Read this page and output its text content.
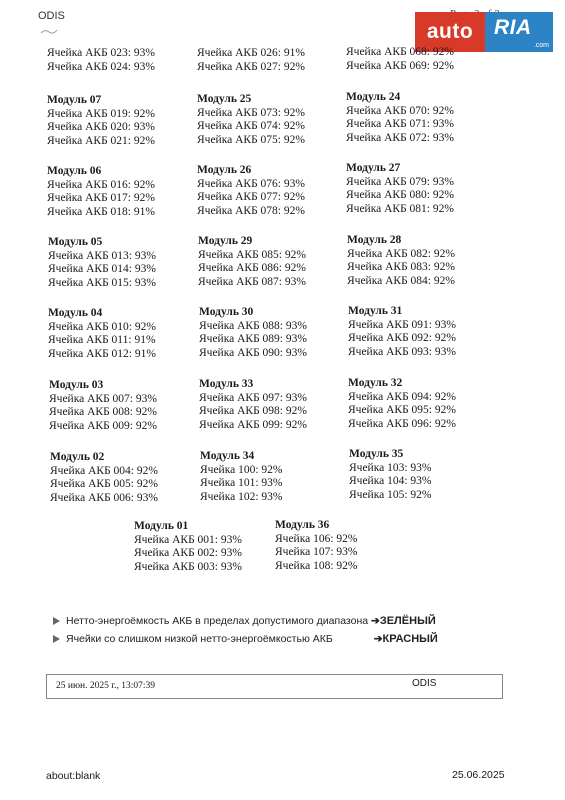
ODIS
auto RIA
.com
Ячейка АКБ 023: 93%
Ячейка АКБ 024: 93%
Ячейка АКБ 026: 91%
Ячейка АКБ 027: 92%
Ячейка АКБ 068: 92%
Ячейка АКБ 069: 92%
Модуль 07
Ячейка АКБ 019: 92%
Ячейка АКБ 020: 93%
Ячейка АКБ 021: 92%
Модуль 25
Ячейка АКБ 073: 92%
Ячейка АКБ 074: 92%
Ячейка АКБ 075: 92%
Модуль 24
Ячейка АКБ 070: 92%
Ячейка АКБ 071: 93%
Ячейка АКБ 072: 93%
Модуль 06
Ячейка АКБ 016: 92%
Ячейка АКБ 017: 92%
Ячейка АКБ 018: 91%
Модуль 26
Ячейка АКБ 076: 93%
Ячейка АКБ 077: 92%
Ячейка АКБ 078: 92%
Модуль 27
Ячейка АКБ 079: 93%
Ячейка АКБ 080: 92%
Ячейка АКБ 081: 92%
Модуль 05
Ячейка АКБ 013: 93%
Ячейка АКБ 014: 93%
Ячейка АКБ 015: 93%
Модуль 29
Ячейка АКБ 085: 92%
Ячейка АКБ 086: 92%
Ячейка АКБ 087: 93%
Модуль 28
Ячейка АКБ 082: 92%
Ячейка АКБ 083: 92%
Ячейка АКБ 084: 92%
Модуль 04
Ячейка АКБ 010: 92%
Ячейка АКБ 011: 91%
Ячейка АКБ 012: 91%
Модуль 30
Ячейка АКБ 088: 93%
Ячейка АКБ 089: 93%
Ячейка АКБ 090: 93%
Модуль 31
Ячейка АКБ 091: 93%
Ячейка АКБ 092: 92%
Ячейка АКБ 093: 93%
Модуль 03
Ячейка АКБ 007: 93%
Ячейка АКБ 008: 92%
Ячейка АКБ 009: 92%
Модуль 33
Ячейка АКБ 097: 93%
Ячейка АКБ 098: 92%
Ячейка АКБ 099: 92%
Модуль 32
Ячейка АКБ 094: 92%
Ячейка АКБ 095: 92%
Ячейка АКБ 096: 92%
Модуль 02
Ячейка АКБ 004: 92%
Ячейка АКБ 005: 92%
Ячейка АКБ 006: 93%
Модуль 34
Ячейка 100: 92%
Ячейка 101: 93%
Ячейка 102: 93%
Модуль 35
Ячейка 103: 93%
Ячейка 104: 93%
Ячейка 105: 92%
Модуль 01
Ячейка АКБ 001: 93%
Ячейка АКБ 002: 93%
Ячейка АКБ 003: 93%
Модуль 36
Ячейка 106: 92%
Ячейка 107: 93%
Ячейка 108: 92%
Нетто-энергоёмкость АКБ в пределах допустимого диапазона ➔ЗЕЛЁНЫЙ
Ячейки со слишком низкой нетто-энергоёмкостью АКБ	➔КРАСНЫЙ
25 июн. 2025 г., 13:07:39	ODIS
about:blank	25.06.2025
